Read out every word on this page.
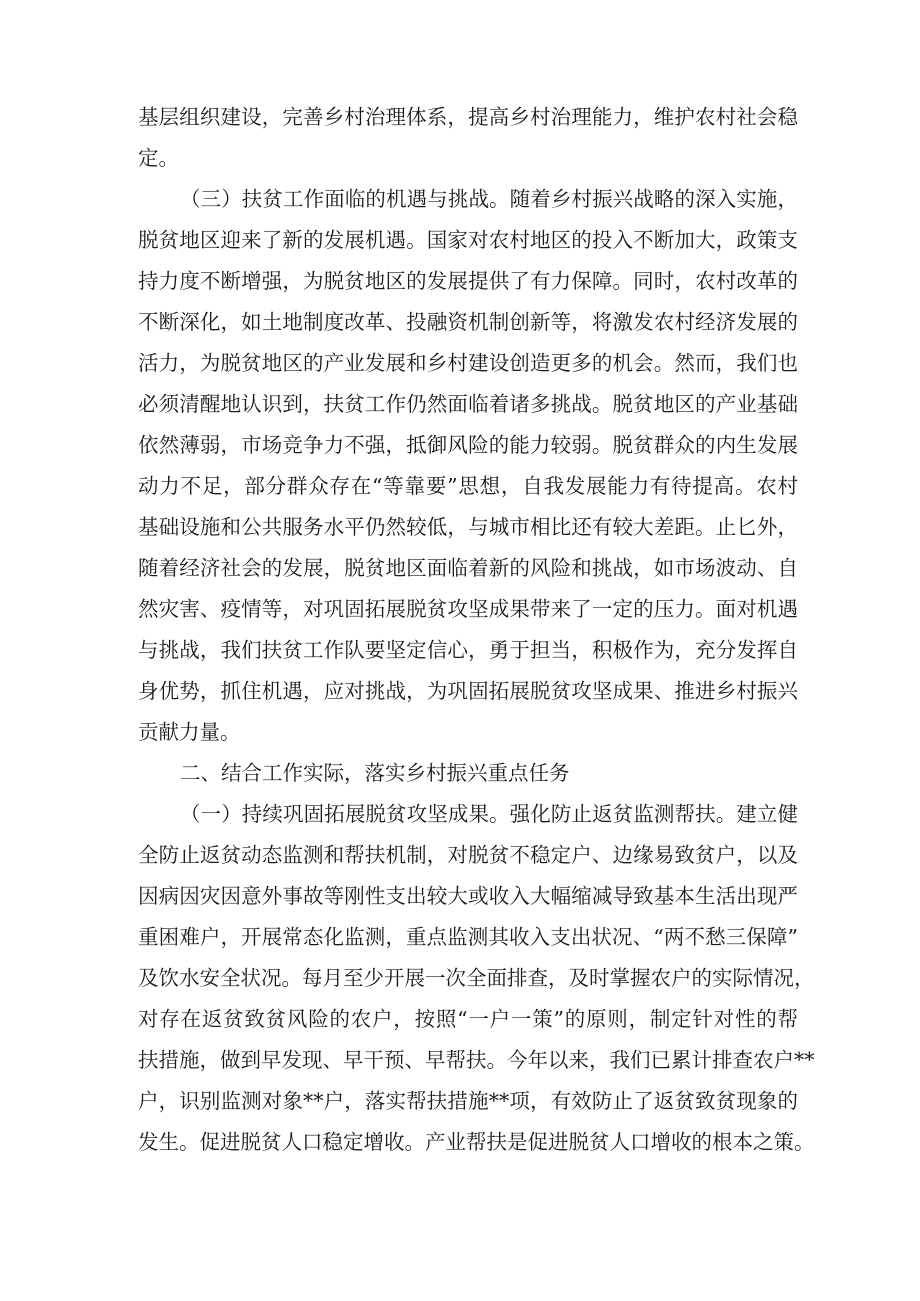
基层组织建设，完善乡村治理体系，提高乡村治理能力，维护农村社会稳
定。
（三）扶贫工作面临的机遇与挑战。随着乡村振兴战略的深入实施，
脱贫地区迎来了新的发展机遇。国家对农村地区的投入不断加大，政策支
持力度不断增强，为脱贫地区的发展提供了有力保障。同时，农村改革的
不断深化，如土地制度改革、投融资机制创新等，将激发农村经济发展的
活力，为脱贫地区的产业发展和乡村建设创造更多的机会。然而，我们也
必须清醒地认识到，扶贫工作仍然面临着诸多挑战。脱贫地区的产业基础
依然薄弱，市场竞争力不强，抵御风险的能力较弱。脱贫群众的内生发展
动力不足，部分群众存在“等靠要”思想，自我发展能力有待提高。农村
基础设施和公共服务水平仍然较低，与城市相比还有较大差距。止匕外，
随着经济社会的发展，脱贫地区面临着新的风险和挑战，如市场波动、自
然灾害、疫情等，对巩固拓展脱贫攻坚成果带来了一定的压力。面对机遇
与挑战，我们扶贫工作队要坚定信心，勇于担当，积极作为，充分发挥自
身优势，抓住机遇，应对挑战，为巩固拓展脱贫攻坚成果、推进乡村振兴
贡献力量。
二、结合工作实际，落实乡村振兴重点任务
（一）持续巩固拓展脱贫攻坚成果。强化防止返贫监测帮扶。建立健
全防止返贫动态监测和帮扶机制，对脱贫不稳定户、边缘易致贫户，以及
因病因灾因意外事故等刚性支出较大或收入大幅缩减导致基本生活出现严
重困难户，开展常态化监测，重点监测其收入支出状况、“两不愁三保障”
及饮水安全状况。每月至少开展一次全面排查，及时掌握农户的实际情况，
对存在返贫致贫风险的农户，按照“一户一策”的原则，制定针对性的帮
扶措施，做到早发现、早干预、早帮扶。今年以来，我们已累计排查农户**
户，识别监测对象**户，落实帮扶措施**项，有效防止了返贫致贫现象的
发生。促进脱贫人口稳定增收。产业帮扶是促进脱贫人口增收的根本之策。
